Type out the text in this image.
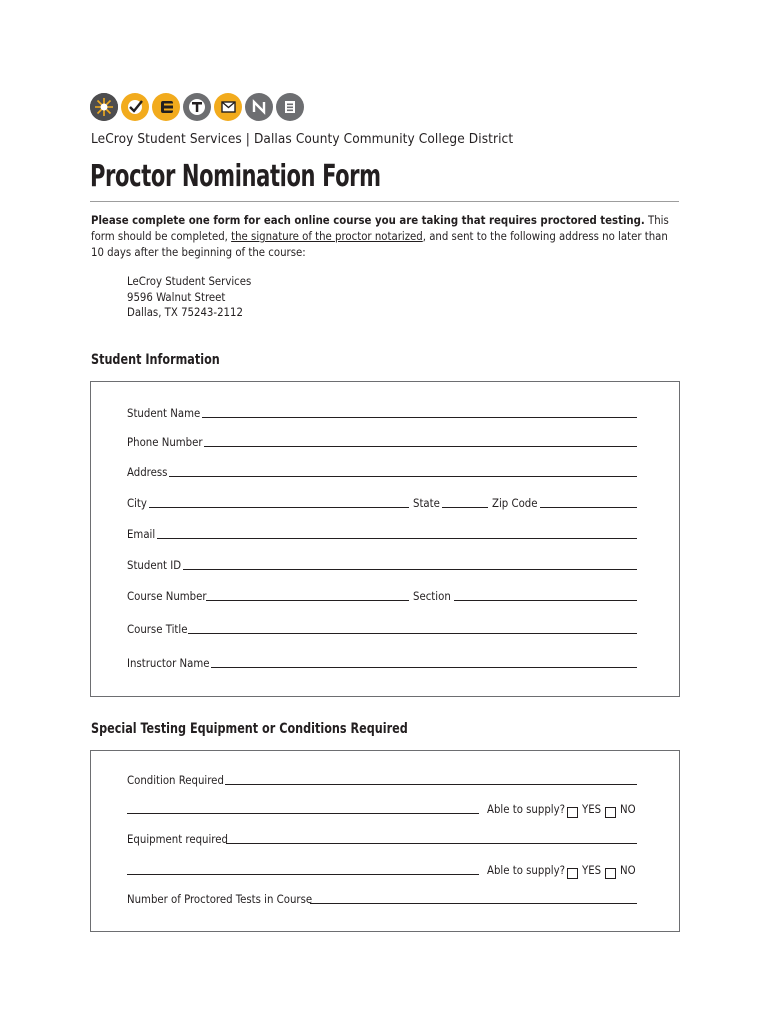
LeCroy Student Services | Dallas County Community College District
Proctor Nomination Form
Please complete one form for each online course you are taking that requires proctored testing. This form should be completed, the signature of the proctor notarized, and sent to the following address no later than 10 days after the beginning of the course:
LeCroy Student Services
9596 Walnut Street
Dallas, TX 75243-2112
Student Information
Student Name
Phone Number
Address
City	State	Zip Code
Email
Student ID
Course Number	Section
Course Title
Instructor Name
Special Testing Equipment or Conditions Required
Condition Required
Able to supply? YES NO
Equipment required
Able to supply? YES NO
Number of Proctored Tests in Course
